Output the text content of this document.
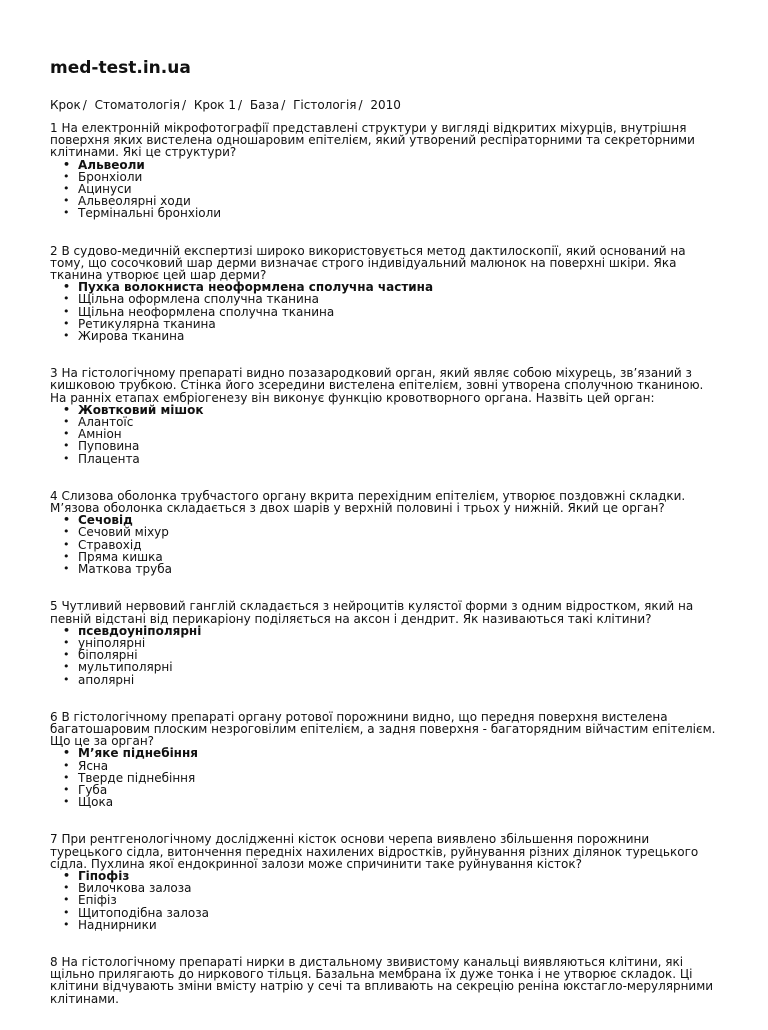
med-test.in.ua
Крок / Стоматологія / Крок 1 / База / Гістологія / 2010

1 На електронній мікрофотографії представлені структури у вигляді відкритих міхурців, внутрішня поверхня яких вистелена одношаровим епітелієм, який утворений респіраторними та секреторними клітинами. Які це структури?

• Альвеоли
• Бронхіоли
• Ацинуси
• Альвеолярні ходи
• Термінальні бронхіоли

2 В судово-медичній експертизі широко використовується метод дактилоскопії, який оснований на тому, що сосочковий шар дерми визначає строго індивідуальний малюнок на поверхні шкіри. Яка тканина утворює цей шар дерми?

• Пухка волокниста неоформлена сполучна частина
• Щільна оформлена сполучна тканина
• Щільна неоформлена сполучна тканина
• Ретикулярна тканина
• Жирова тканина

3 На гістологічному препараті видно позазародковий орган, який являє собою міхурець, зв’язаний з кишковою трубкою. Стінка його зсередини вистелена епітелієм, зовні утворена сполучною тканиною. На ранніх етапах ембріогенезу він виконує функцію кровотворного органа. Назвіть цей орган:

• Жовтковий мішок
• Алантоїс
• Амніон
• Пуповина
• Плацента

4 Слизова оболонка трубчастого органу вкрита перехідним епітелієм, утворює поздовжні складки. М’язова оболонка складається з двох шарів у верхній половині і трьох у нижній. Який це орган?

• Сечовід
• Сечовий міхур
• Стравохід
• Пряма кишка
• Маткова труба

5 Чутливий нервовий ганглій складається з нейроцитів кулястої форми з одним відростком, який на певній відстані від перикаріону поділяється на аксон і дендрит. Як називаються такі клітини?

• псевдоуніполярні
• уніполярні
• біполярні
• мультиполярні
• аполярні

6 В гістологічному препараті органу ротової порожнини видно, що передня поверхня вистелена багатошаровим плоским незроговілим епітелієм, а задня поверхня - багаторядним війчастим епітелієм. Що це за орган?

• М’яке піднебіння
• Ясна
• Тверде піднебіння
• Губа
• Щока

7 При рентгенологічному дослідженні кісток основи черепа виявлено збільшення порожнини турецького сідла, витончення передніх нахилених відростків, руйнування різних ділянок турецького сідла. Пухлина якої ендокринної залози може спричинити таке руйнування кісток?

• Гіпофіз
• Вилочкова залоза
• Епіфіз
• Щитоподібна залоза
• Наднирники

8 На гістологічному препараті нирки в дистальному звивистому канальці виявляються клітини, які щільно прилягають до ниркового тільця. Базальна мембрана їх дуже тонка і не утворює складок. Ці клітини відчувають зміни вмісту натрію у сечі та впливають на секрецію реніна юкстагло-мерулярними клітинами.
